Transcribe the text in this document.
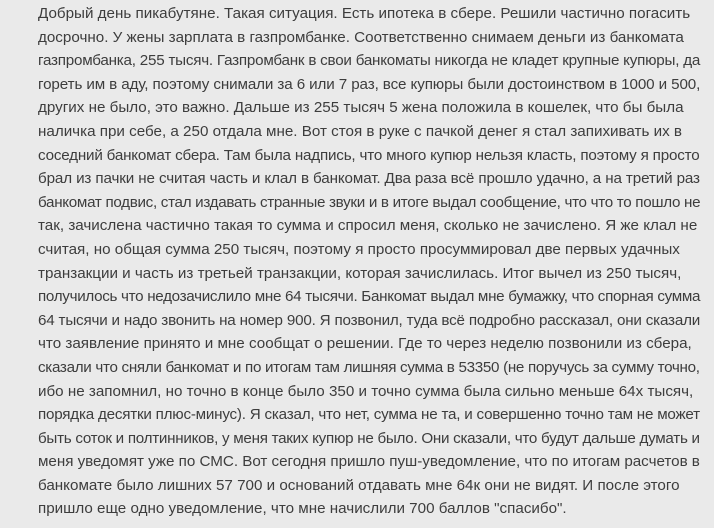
Добрый день пикабутяне. Такая ситуация. Есть ипотека в сбере. Решили частично погасить
досрочно. У жены зарплата в газпромбанке. Соответственно снимаем деньги из банкомата
газпромбанка, 255 тысяч. Газпромбанк в свои банкоматы никогда не кладет крупные купюры, да
гореть им в аду, поэтому снимали за 6 или 7 раз, все купюры были достоинством в 1000 и 500,
других не было, это важно. Дальше из 255 тысяч 5 жена положила в кошелек, что бы была
наличка при себе, а 250 отдала мне. Вот стоя в руке с пачкой денег я стал запихивать их в
соседний банкомат сбера. Там была надпись, что много купюр нельзя класть, поэтому я просто
брал из пачки не считая часть и клал в банкомат. Два раза всё прошло удачно, а на третий раз
банкомат подвис, стал издавать странные звуки и в итоге выдал сообщение, что что то пошло не
так, зачислена частично такая то сумма и спросил меня, сколько не зачислено. Я же клал не
считая, но общая сумма 250 тысяч, поэтому я просто просуммировал две первых удачных
транзакции и часть из третьей транзакции, которая зачислилась. Итог вычел из 250 тысяч,
получилось что недозачислило мне 64 тысячи. Банкомат выдал мне бумажку, что спорная сумма
64 тысячи и надо звонить на номер 900. Я позвонил, туда всё подробно рассказал, они сказали
что заявление принято и мне сообщат о решении. Где то через неделю позвонили из сбера,
сказали что сняли банкомат и по итогам там лишняя сумма в 53350 (не поручусь за сумму точно,
ибо не запомнил, но точно в конце было 350 и точно сумма была сильно меньше 64х тысяч,
порядка десятки плюс-минус). Я сказал, что нет, сумма не та, и совершенно точно там не может
быть соток и полтинников, у меня таких купюр не было. Они сказали, что будут дальше думать и
меня уведомят уже по СМС. Вот сегодня пришло пуш-уведомление, что по итогам расчетов в
банкомате было лишних 57 700 и оснований отдавать мне 64к они не видят. И после этого
пришло еще одно уведомление, что мне начислили 700 баллов "спасибо".
